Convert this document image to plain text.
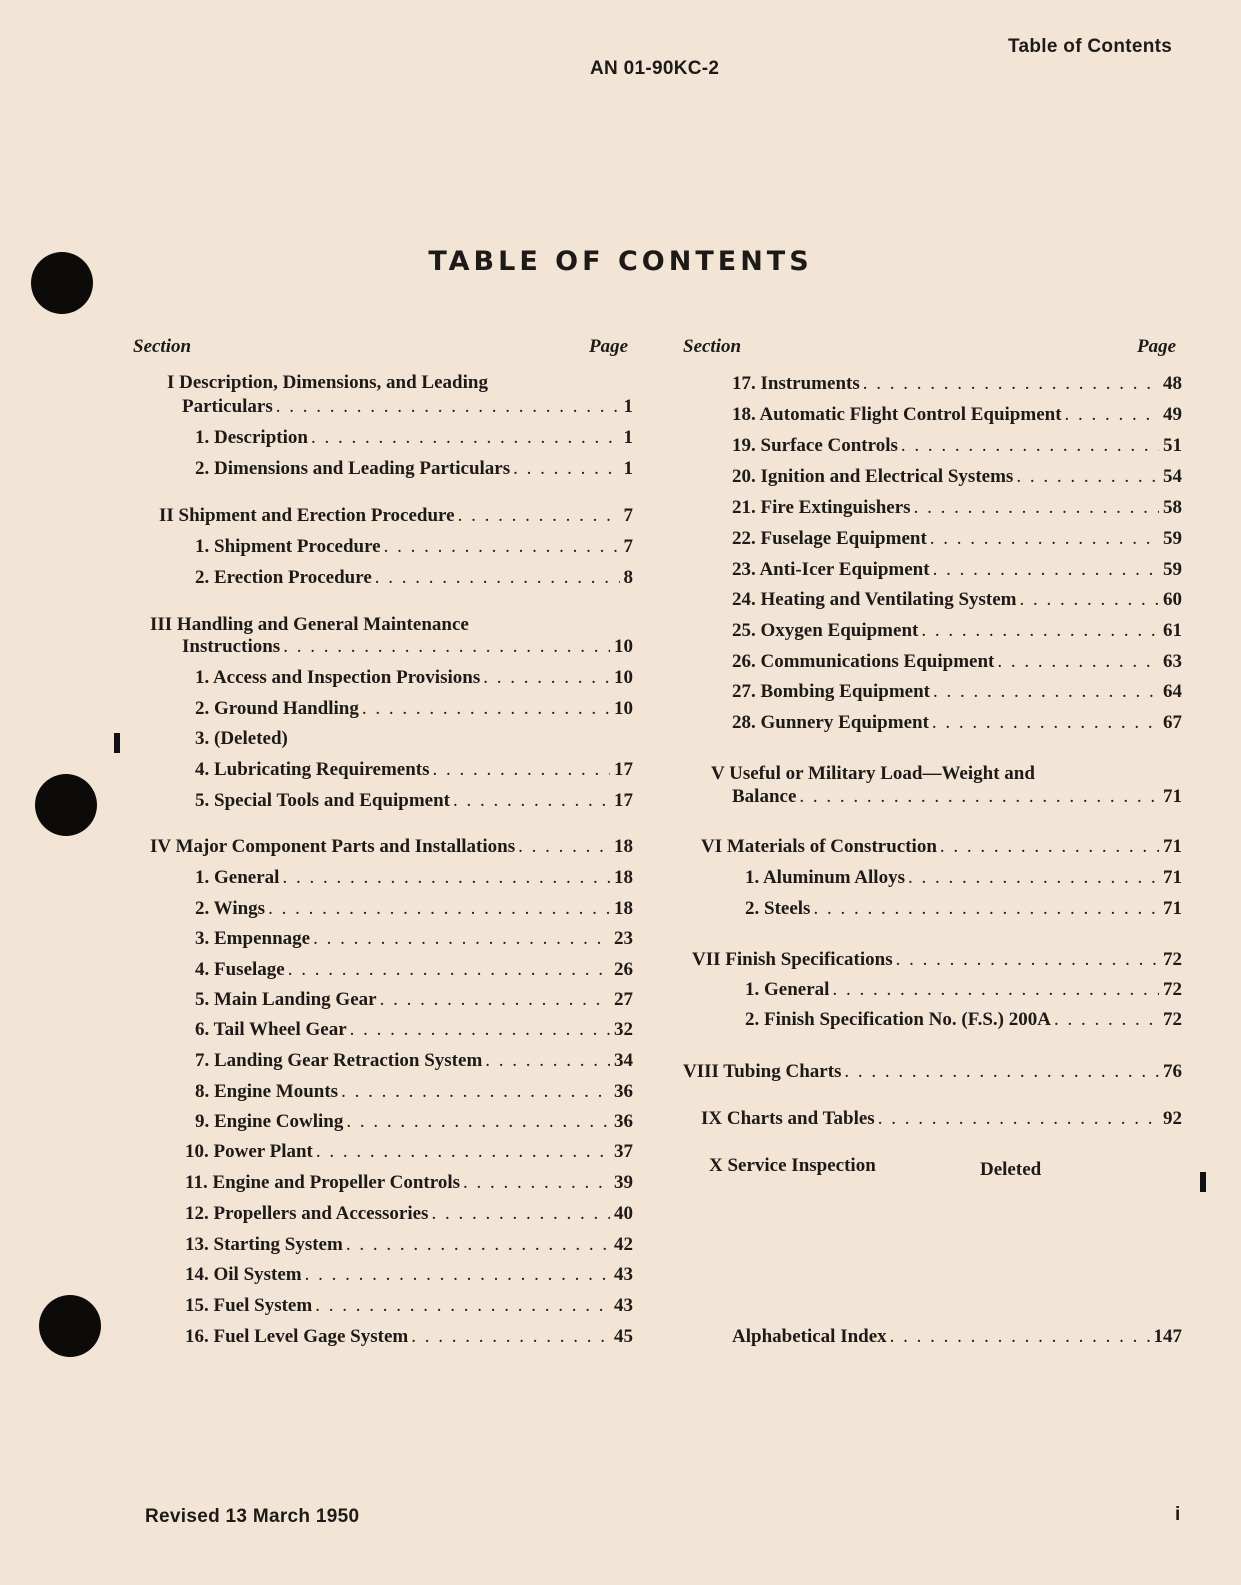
Table of Contents
AN 01-90KC-2
TABLE OF CONTENTS
Section	Page	Section	Page
I Description, Dimensions, and Leading
Particulars . . .	1
1. Description . . .	1
2. Dimensions and Leading Particulars . . .	1
II Shipment and Erection Procedure . . .	7
1. Shipment Procedure . . .	7
2. Erection Procedure . . .	8
III Handling and General Maintenance
Instructions . . .	10
1. Access and Inspection Provisions . . .	10
2. Ground Handling . . .	10
3. (Deleted)
4. Lubricating Requirements . . .	17
5. Special Tools and Equipment . . .	17
IV Major Component Parts and Installations . . .	18
1. General . . .	18
2. Wings . . .	18
3. Empennage . . .	23
4. Fuselage . . .	26
5. Main Landing Gear . . .	27
6. Tail Wheel Gear . . .	32
7. Landing Gear Retraction System . . .	34
8. Engine Mounts . . .	36
9. Engine Cowling . . .	36
10. Power Plant . . .	37
11. Engine and Propeller Controls . . .	39
12. Propellers and Accessories . . .	40
13. Starting System . . .	42
14. Oil System . . .	43
15. Fuel System . . .	43
16. Fuel Level Gage System . . .	45
17. Instruments . . .	48
18. Automatic Flight Control Equipment . . .	49
19. Surface Controls . . .	51
20. Ignition and Electrical Systems . . .	54
21. Fire Extinguishers . . .	58
22. Fuselage Equipment . . .	59
23. Anti-Icer Equipment . . .	59
24. Heating and Ventilating System . . .	60
25. Oxygen Equipment . . .	61
26. Communications Equipment . . .	63
27. Bombing Equipment . . .	64
28. Gunnery Equipment . . .	67
V Useful or Military Load—Weight and
Balance . . .	71
VI Materials of Construction . . .	71
1. Aluminum Alloys . . .	71
2. Steels . . .	71
VII Finish Specifications . . .	72
1. General . . .	72
2. Finish Specification No. (F.S.) 200A . . .	72
VIII Tubing Charts . . .	76
IX Charts and Tables . . .	92
X Service Inspection	Deleted
Alphabetical Index . . .	147
Revised 13 March 1950	i
